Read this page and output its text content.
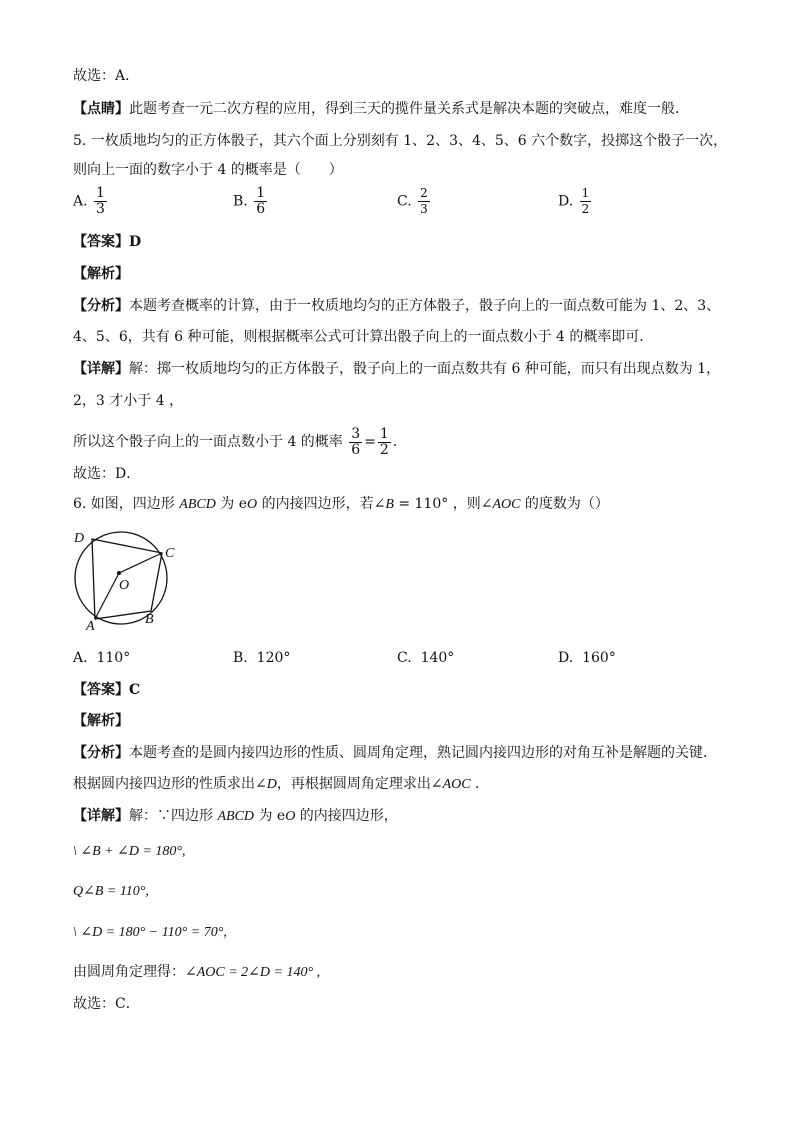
故选：A．
【点睛】此题考查一元二次方程的应用，得到三天的揽件量关系式是解决本题的突破点，难度一般．
5. 一枚质地均匀的正方体骰子，其六个面上分别刻有 1、2、3、4、5、6 六个数字，投掷这个骰子一次，
则向上一面的数字小于 4 的概率是（　　）
A. $\frac{1}{3}$	B. $\frac{1}{6}$	C. $\frac{2}{3}$	D. $\frac{1}{2}$
【答案】D
【解析】
【分析】本题考查概率的计算，由于一枚质地均匀的正方体骰子，骰子向上的一面点数可能为 1、2、3、
4、5、6，共有 6 种可能，则根据概率公式可计算出骰子向上的一面点数小于 4 的概率即可．
【详解】解：掷一枚质地均匀的正方体骰子，骰子向上的一面点数共有 6 种可能，而只有出现点数为 1，
2，3 才小于 4 ，
所以这个骰子向上的一面点数小于 4 的概率 $\frac{3}{6} = \frac{1}{2}$ ．
故选：D．
6. 如图，四边形 ABCD 为 eO 的内接四边形，若∠B = 110° ，则∠AOC 的度数为（）
D
C
O
A	B
A. 110°	B. 120°	C. 140°	D. 160°
【答案】C
【解析】
【分析】本题考查的是圆内接四边形的性质、圆周角定理，熟记圆内接四边形的对角互补是解题的关键．
根据圆内接四边形的性质求出∠D，再根据圆周角定理求出∠AOC ．
【详解】解：∵四边形 ABCD 为 eO 的内接四边形，
\ ∠B + ∠D = 180°,
Q∠B = 110°,
\ ∠D = 180° − 110° = 70°,
由圆周角定理得：∠AOC = 2∠D = 140° ,
故选：C．
